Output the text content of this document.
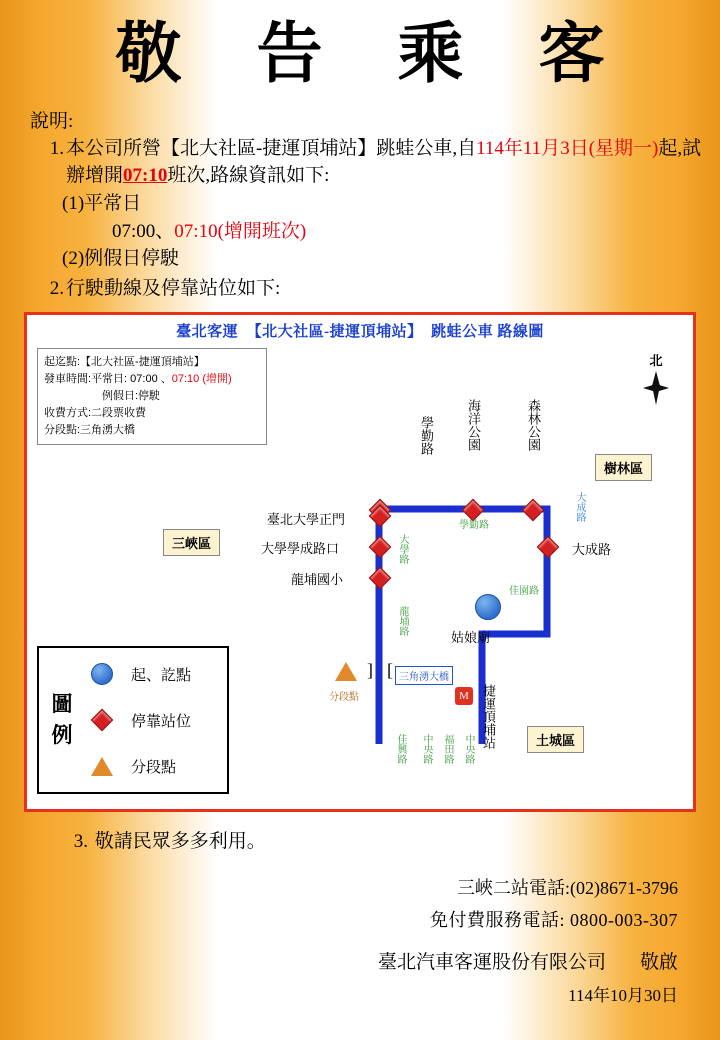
敬 告 乘 客
說明:
1. 本公司所營【北大社區-捷運頂埔站】跳蛙公車,自114年11月3日(星期一)起,試辦增開07:10班次,路線資訊如下:
(1)平常日
07:00、07:10(增開班次)
(2)例假日停駛
2. 行駛動線及停靠站位如下:
臺北客運 【北大社區-捷運頂埔站】 跳蛙公車 路線圖
起迄點:【北大社區-捷運頂埔站】
發車時間:平常日: 07:00 、07:10 (增開)
例假日:停駛
收費方式:二段票收費
分段點:三角湧大橋
北
樹林區
三峽區
土城區
學勤路 海洋公園	森林公園
大成路
臺北大學正門
大學學成路口
龍埔國小
姑娘廟
M 捷運頂埔站
分段點
三角湧大橋
] [
學勤路
大成路
佳園路
大學路
龍埔路
佳興路 中央路 福田路 中央路
圖
例
起、訖點
停靠站位
分段點
3. 敬請民眾多多利用。
三峽二站電話:(02)8671-3796
免付費服務電話: 0800-003-307
臺北汽車客運股份有限公司 敬啟
114年10月30日
